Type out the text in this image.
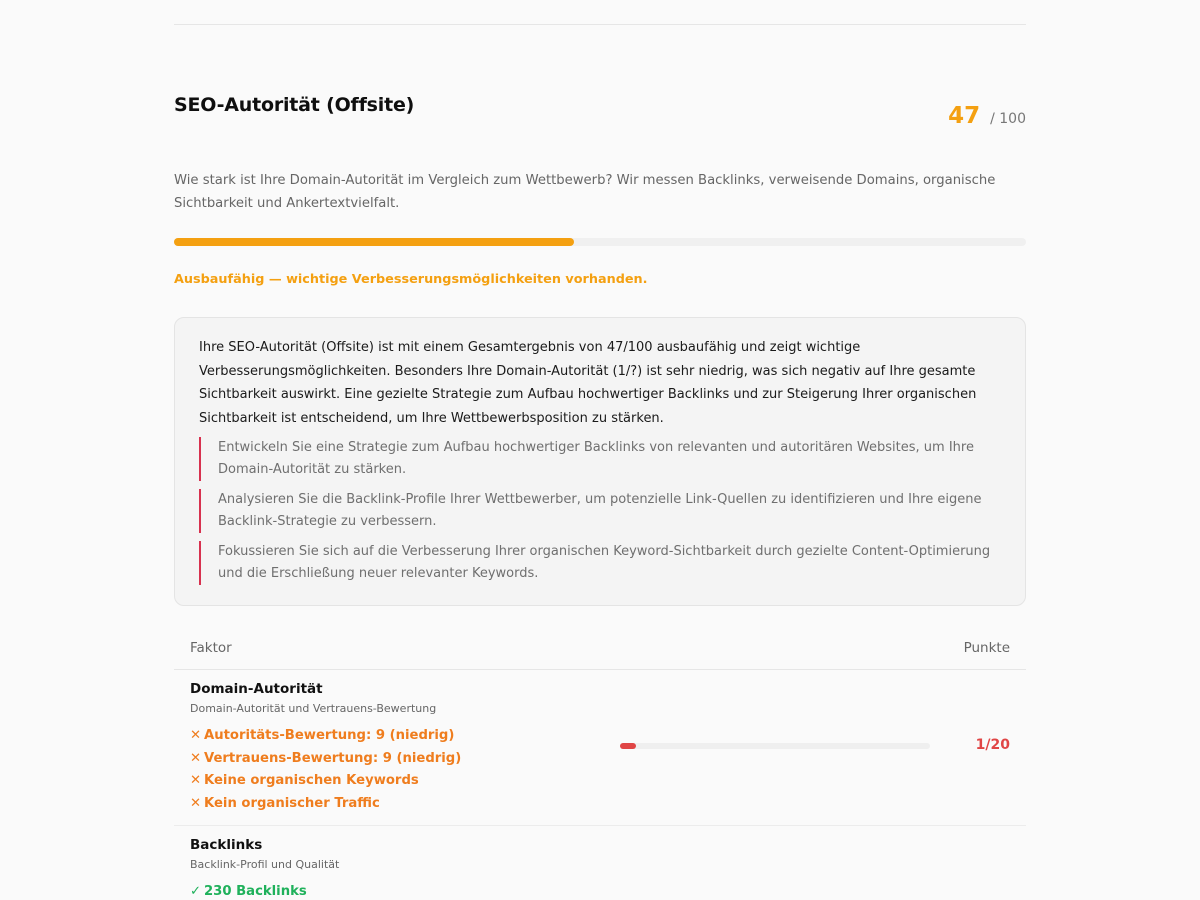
SEO-Autorität (Offsite)	47 / 100

Wie stark ist Ihre Domain-Autorität im Vergleich zum Wettbewerb? Wir messen Backlinks, verweisende Domains, organische Sichtbarkeit und Ankertextvielfalt.

Ausbaufähig — wichtige Verbesserungsmöglichkeiten vorhanden.

Ihre SEO-Autorität (Offsite) ist mit einem Gesamtergebnis von 47/100 ausbaufähig und zeigt wichtige Verbesserungsmöglichkeiten. Besonders Ihre Domain-Autorität (1/?) ist sehr niedrig, was sich negativ auf Ihre gesamte Sichtbarkeit auswirkt. Eine gezielte Strategie zum Aufbau hochwertiger Backlinks und zur Steigerung Ihrer organischen Sichtbarkeit ist entscheidend, um Ihre Wettbewerbsposition zu stärken.

Entwickeln Sie eine Strategie zum Aufbau hochwertiger Backlinks von relevanten und autoritären Websites, um Ihre Domain-Autorität zu stärken.
Analysieren Sie die Backlink-Profile Ihrer Wettbewerber, um potenzielle Link-Quellen zu identifizieren und Ihre eigene Backlink-Strategie zu verbessern.
Fokussieren Sie sich auf die Verbesserung Ihrer organischen Keyword-Sichtbarkeit durch gezielte Content-Optimierung und die Erschließung neuer relevanter Keywords.
Faktor	Punkte
Domain-Autorität
Domain-Autorität und Vertrauens-Bewertung
✕ Autoritäts-Bewertung: 9 (niedrig)
✕ Vertrauens-Bewertung: 9 (niedrig)
✕ Keine organischen Keywords
✕ Kein organischer Traffic
1/20
Backlinks
Backlink-Profil und Qualität
✓ 230 Backlinks
